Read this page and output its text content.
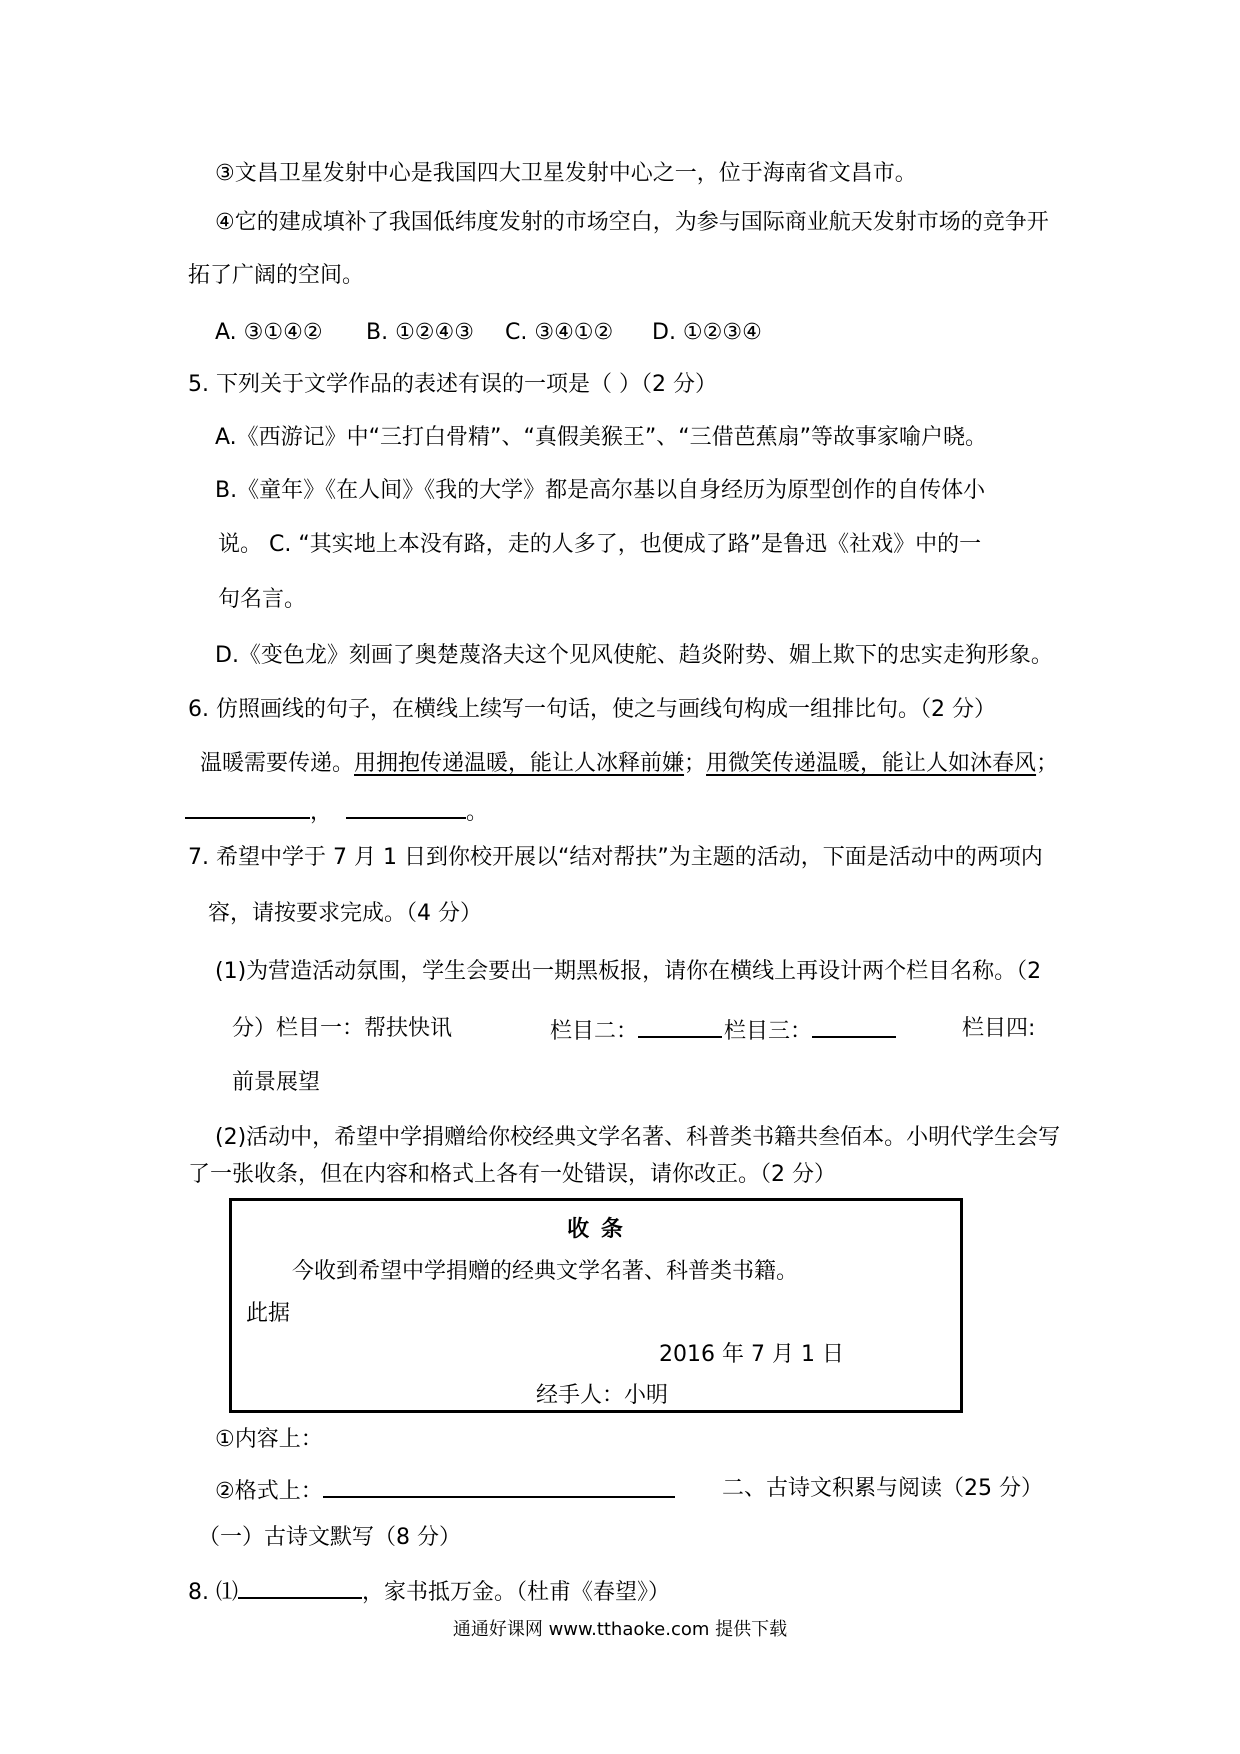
③文昌卫星发射中心是我国四大卫星发射中心之一，位于海南省文昌市。
④它的建成填补了我国低纬度发射的市场空白，为参与国际商业航天发射市场的竞争开
拓了广阔的空间。
A. ③①④② B. ①②④③ C. ③④①② D. ①②③④
5. 下列关于文学作品的表述有误的一项是（ ）（2 分）
A.《西游记》中“三打白骨精”、“真假美猴王”、“三借芭蕉扇”等故事家喻户晓。
B.《童年》《在人间》《我的大学》都是高尔基以自身经历为原型创作的自传体小
说。 C. “其实地上本没有路，走的人多了，也便成了路”是鲁迅《社戏》中的一
句名言。
D.《变色龙》刻画了奥楚蔑洛夫这个见风使舵、趋炎附势、媚上欺下的忠实走狗形象。
6. 仿照画线的句子，在横线上续写一句话，使之与画线句构成一组排比句。（2 分）
温暖需要传递。用拥抱传递温暖，能让人冰释前嫌；用微笑传递温暖，能让人如沐春风；
，	。
7. 希望中学于 7 月 1 日到你校开展以“结对帮扶”为主题的活动，下面是活动中的两项内
容，请按要求完成。（4 分）
(1)为营造活动氛围，学生会要出一期黑板报，请你在横线上再设计两个栏目名称。（2
分）栏目一：帮扶快讯	栏目二：	栏目三：	栏目四:
前景展望
(2)活动中，希望中学捐赠给你校经典文学名著、科普类书籍共叁佰本。小明代学生会写
了一张收条，但在内容和格式上各有一处错误，请你改正。（2 分）
收 条
今收到希望中学捐赠的经典文学名著、科普类书籍。
此据
2016 年 7 月 1 日
经手人：小明
①内容上：
②格式上：	二、古诗文积累与阅读（25 分）
（一）古诗文默写（8 分）
8. ⑴	，家书抵万金。（杜甫《春望》）
通通好课网 www.tthaoke.com 提供下载
